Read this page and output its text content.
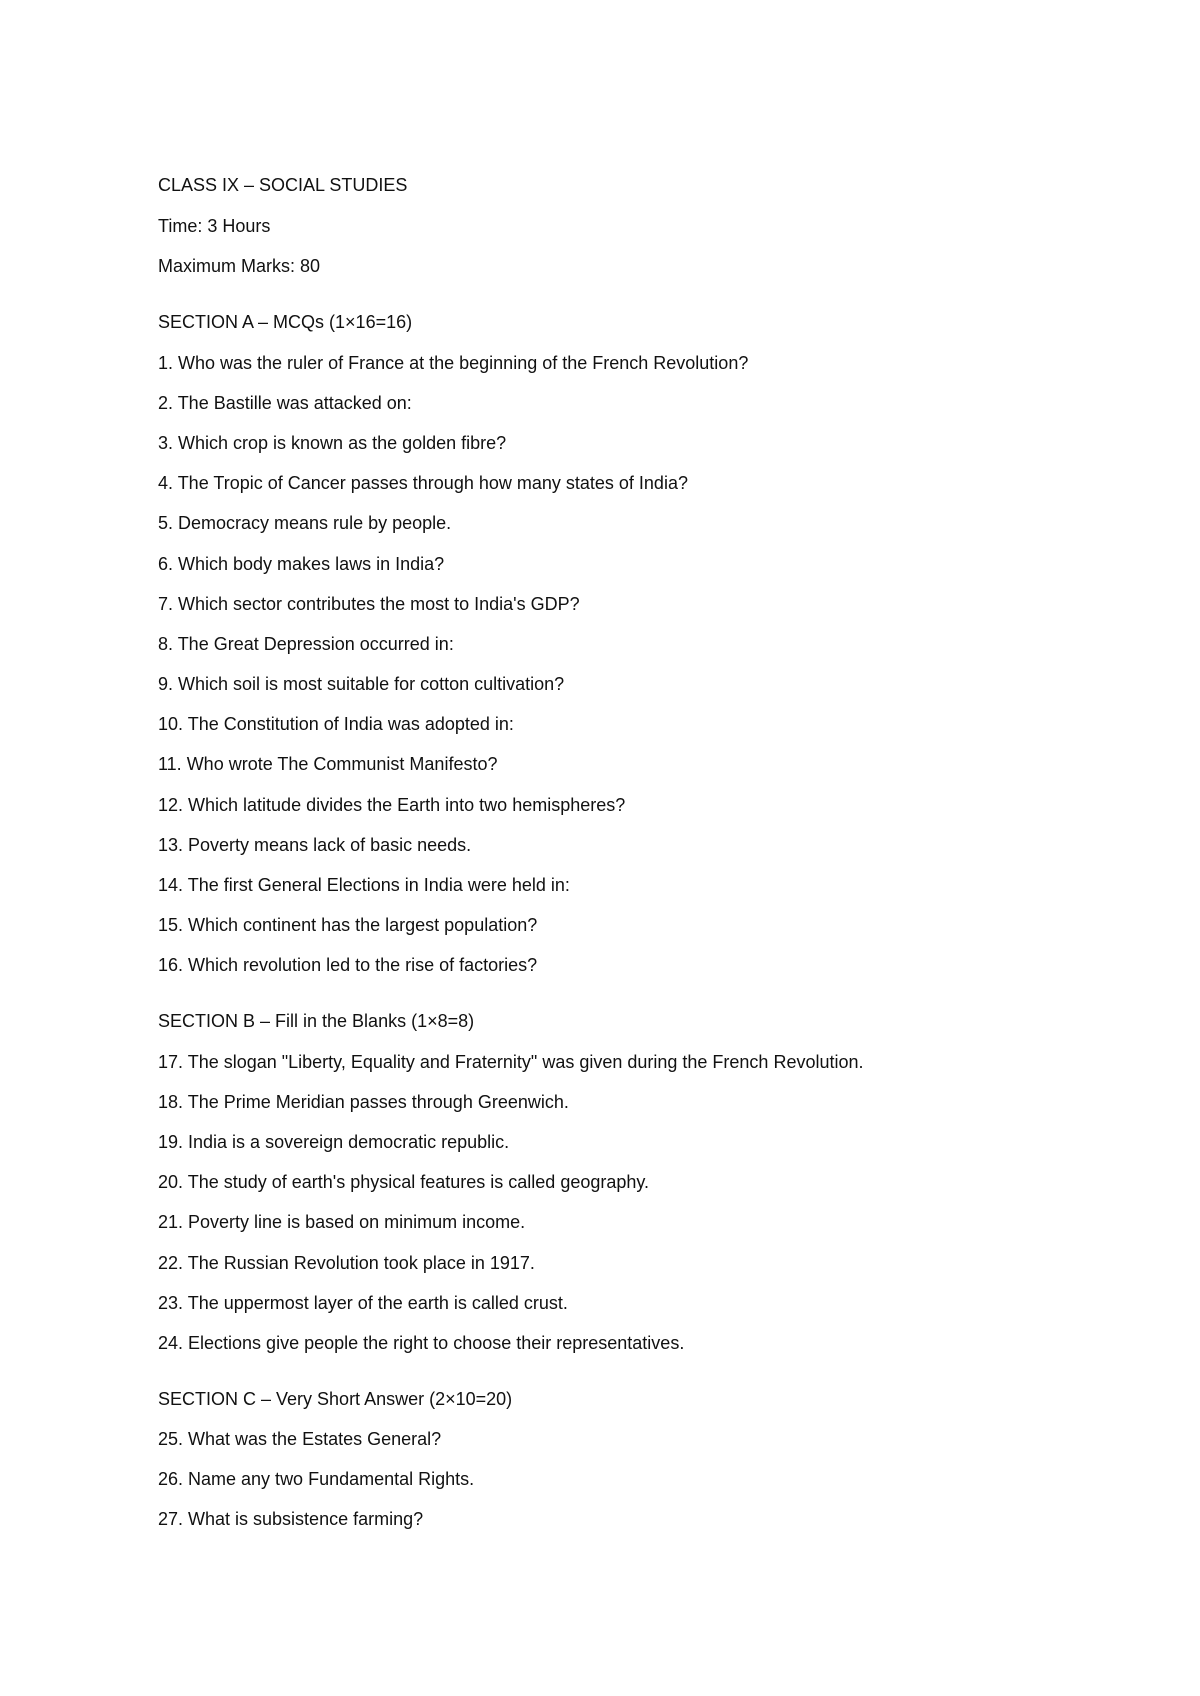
CLASS IX – SOCIAL STUDIES
Time: 3 Hours
Maximum Marks: 80
SECTION A – MCQs (1×16=16)
1. Who was the ruler of France at the beginning of the French Revolution?
2. The Bastille was attacked on:
3. Which crop is known as the golden fibre?
4. The Tropic of Cancer passes through how many states of India?
5. Democracy means rule by people.
6. Which body makes laws in India?
7. Which sector contributes the most to India's GDP?
8. The Great Depression occurred in:
9. Which soil is most suitable for cotton cultivation?
10. The Constitution of India was adopted in:
11. Who wrote The Communist Manifesto?
12. Which latitude divides the Earth into two hemispheres?
13. Poverty means lack of basic needs.
14. The first General Elections in India were held in:
15. Which continent has the largest population?
16. Which revolution led to the rise of factories?
SECTION B – Fill in the Blanks (1×8=8)
17. The slogan "Liberty, Equality and Fraternity" was given during the French Revolution.
18. The Prime Meridian passes through Greenwich.
19. India is a sovereign democratic republic.
20. The study of earth's physical features is called geography.
21. Poverty line is based on minimum income.
22. The Russian Revolution took place in 1917.
23. The uppermost layer of the earth is called crust.
24. Elections give people the right to choose their representatives.
SECTION C – Very Short Answer (2×10=20)
25. What was the Estates General?
26. Name any two Fundamental Rights.
27. What is subsistence farming?
